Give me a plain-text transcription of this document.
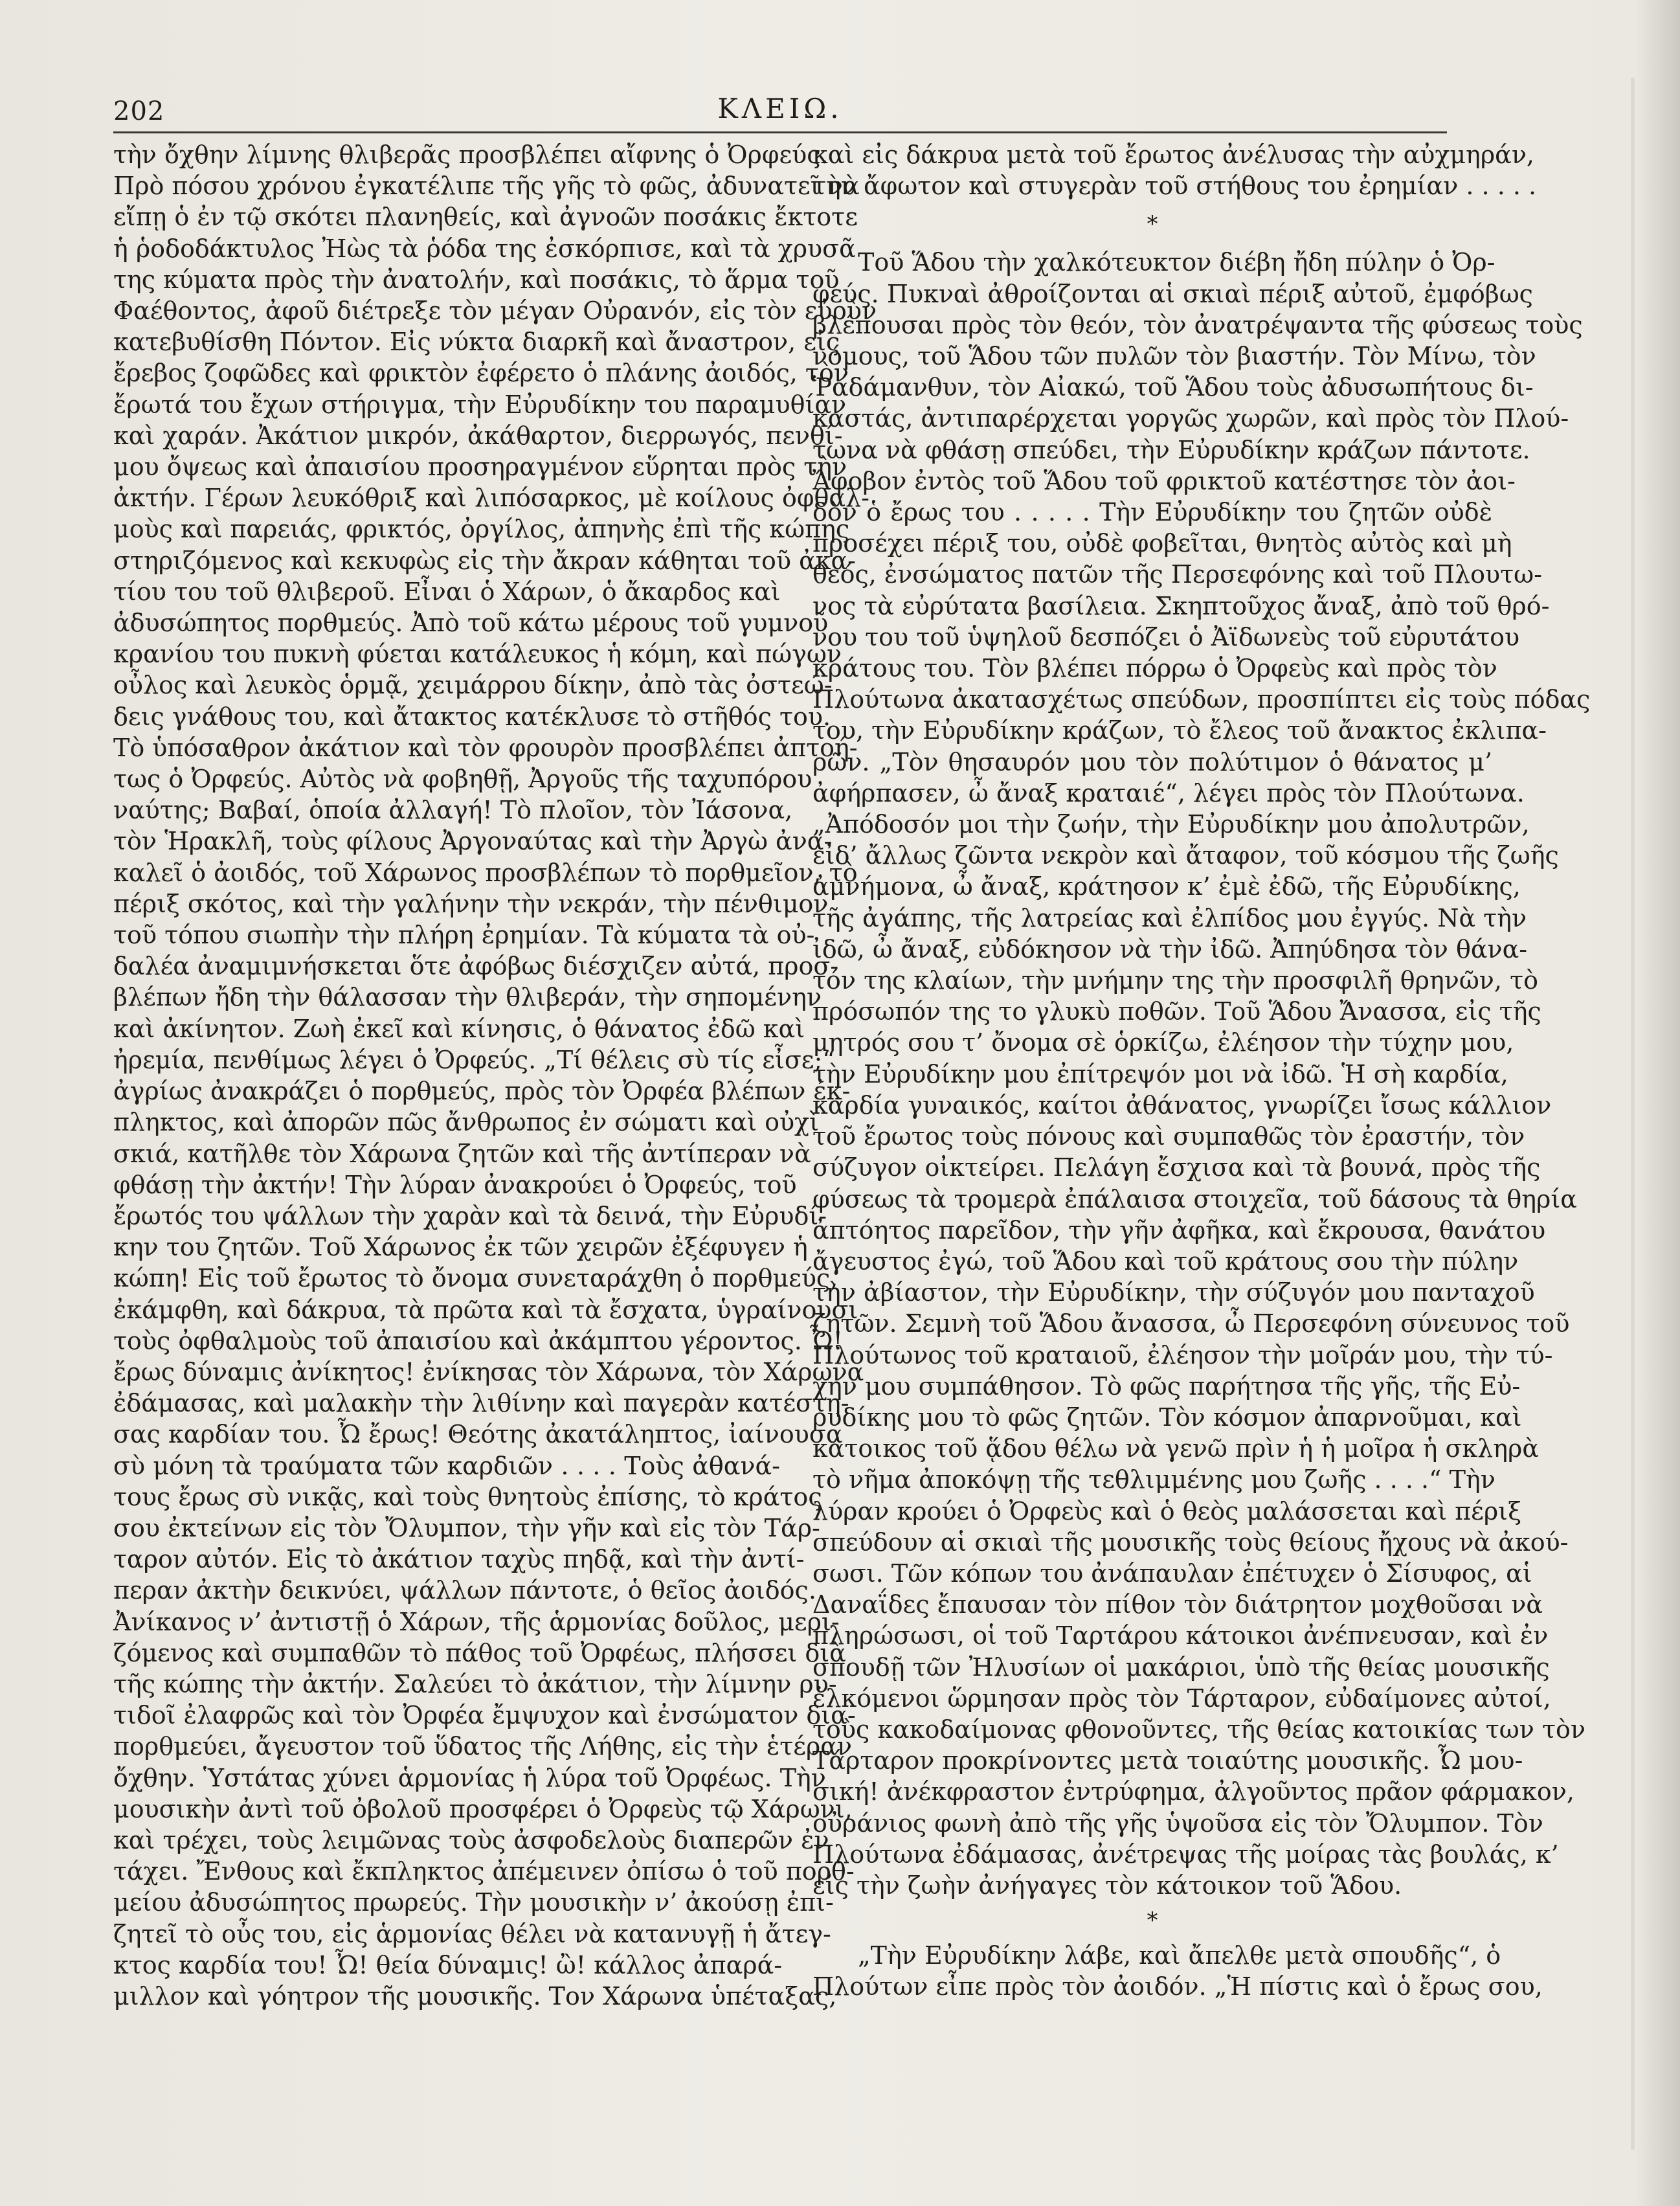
202	ΚΛΕΙΩ.
τὴν ὄχθην λίμνης θλιβερᾶς προσβλέπει αἴφνης ὁ Ὀρφεύς.
Πρὸ πόσου χρόνου ἐγκατέλιπε τῆς γῆς τὸ φῶς, ἀδυνατεῖ νὰ
εἴπῃ ὁ ἐν τῷ σκότει πλανηθείς, καὶ ἀγνοῶν ποσάκις ἔκτοτε
ἡ ῥοδοδάκτυλος Ἠὼς τὰ ῥόδα της ἐσκόρπισε, καὶ τὰ χρυσᾶ
της κύματα πρὸς τὴν ἀνατολήν, καὶ ποσάκις, τὸ ἅρμα τοῦ
Φαέθοντος, ἀφοῦ διέτρεξε τὸν μέγαν Οὐρανόν, εἰς τὸν εὐρὺν
κατεβυθίσθη Πόντον. Εἰς νύκτα διαρκῆ καὶ ἄναστρον, εἰς
ἔρεβος ζοφῶδες καὶ φρικτὸν ἐφέρετο ὁ πλάνης ἀοιδός, τὸν
ἔρωτά του ἔχων στήριγμα, τὴν Εὐρυδίκην του παραμυθίαν
καὶ χαράν. Ἀκάτιον μικρόν, ἀκάθαρτον, διερρωγός, πενθί-
μου ὄψεως καὶ ἀπαισίου προσηραγμένον εὕρηται πρὸς τὴν
ἀκτήν. Γέρων λευκόθριξ καὶ λιπόσαρκος, μὲ κοίλους ὀφθαλ-
μοὺς καὶ παρειάς, φρικτός, ὀργίλος, ἀπηνὴς ἐπὶ τῆς κώπης
στηριζόμενος καὶ κεκυφὼς εἰς τὴν ἄκραν κάθηται τοῦ ἀκα-
τίου του τοῦ θλιβεροῦ. Εἶναι ὁ Χάρων, ὁ ἄκαρδος καὶ
ἀδυσώπητος πορθμεύς. Ἀπὸ τοῦ κάτω μέρους τοῦ γυμνοῦ
κρανίου του πυκνὴ φύεται κατάλευκος ἡ κόμη, καὶ πώγων
οὖλος καὶ λευκὸς ὁρμᾷ, χειμάρρου δίκην, ἀπὸ τὰς ὀστεώ-
δεις γνάθους του, καὶ ἄτακτος κατέκλυσε τὸ στῆθός του.
Τὸ ὑπόσαθρον ἀκάτιον καὶ τὸν φρουρὸν προσβλέπει ἀπτοή-
τως ὁ Ὀρφεύς. Αὐτὸς νὰ φοβηθῇ, Ἀργοῦς τῆς ταχυπόρου
ναύτης; Βαβαί, ὁποία ἀλλαγή! Τὸ πλοῖον, τὸν Ἰάσονα,
τὸν Ἡρακλῆ, τοὺς φίλους Ἀργοναύτας καὶ τὴν Ἀργὼ ἀνα-
καλεῖ ὁ ἀοιδός, τοῦ Χάρωνος προσβλέπων τὸ πορθμεῖον, τὸ
πέριξ σκότος, καὶ τὴν γαλήνην τὴν νεκράν, τὴν πένθιμον
τοῦ τόπου σιωπὴν τὴν πλήρη ἐρημίαν. Τὰ κύματα τὰ οὐ-
δαλέα ἀναμιμνήσκεται ὅτε ἀφόβως διέσχιζεν αὐτά, προσ-
βλέπων ἤδη τὴν θάλασσαν τὴν θλιβεράν, τὴν σηπομένην
καὶ ἀκίνητον. Ζωὴ ἐκεῖ καὶ κίνησις, ὁ θάνατος ἐδῶ καὶ
ἠρεμία, πενθίμως λέγει ὁ Ὀρφεύς. „Τί θέλεις σὺ τίς εἶσε;“
ἀγρίως ἀνακράζει ὁ πορθμεύς, πρὸς τὸν Ὀρφέα βλέπων ἐκ-
πληκτος, καὶ ἀπορῶν πῶς ἄνθρωπος ἐν σώματι καὶ οὐχὶ
σκιά, κατῆλθε τὸν Χάρωνα ζητῶν καὶ τῆς ἀντίπεραν νὰ
φθάσῃ τὴν ἀκτήν! Τὴν λύραν ἀνακρούει ὁ Ὀρφεύς, τοῦ
ἔρωτός του ψάλλων τὴν χαρὰν καὶ τὰ δεινά, τὴν Εὐρυδί-
κην του ζητῶν. Τοῦ Χάρωνος ἐκ τῶν χειρῶν ἐξέφυγεν ἡ
κώπη! Εἰς τοῦ ἔρωτος τὸ ὄνομα συνεταράχθη ὁ πορθμεύς,
ἐκάμφθη, καὶ δάκρυα, τὰ πρῶτα καὶ τὰ ἔσχατα, ὑγραίνουσι
τοὺς ὀφθαλμοὺς τοῦ ἀπαισίου καὶ ἀκάμπτου γέροντος. Ὦ!
ἔρως δύναμις ἀνίκητος! ἐνίκησας τὸν Χάρωνα, τὸν Χάρωνα
ἐδάμασας, καὶ μαλακὴν τὴν λιθίνην καὶ παγερὰν κατέστη-
σας καρδίαν του. Ὦ ἔρως! Θεότης ἀκατάληπτος, ἰαίνουσα
σὺ μόνη τὰ τραύματα τῶν καρδιῶν . . . . Τοὺς ἀθανά-
τους ἔρως σὺ νικᾷς, καὶ τοὺς θνητοὺς ἐπίσης, τὸ κράτος
σου ἐκτείνων εἰς τὸν Ὄλυμπον, τὴν γῆν καὶ εἰς τὸν Τάρ-
ταρον αὐτόν. Εἰς τὸ ἀκάτιον ταχὺς πηδᾷ, καὶ τὴν ἀντί-
περαν ἀκτὴν δεικνύει, ψάλλων πάντοτε, ὁ θεῖος ἀοιδός.
Ἀνίκανος ν’ ἀντιστῇ ὁ Χάρων, τῆς ἁρμονίας δοῦλος, μερι-
ζόμενος καὶ συμπαθῶν τὸ πάθος τοῦ Ὀρφέως, πλήσσει διὰ
τῆς κώπης τὴν ἀκτήν. Σαλεύει τὸ ἀκάτιον, τὴν λίμνην ρυ-
τιδοῖ ἐλαφρῶς καὶ τὸν Ὀρφέα ἔμψυχον καὶ ἐνσώματον δια-
πορθμεύει, ἄγευστον τοῦ ὕδατος τῆς Λήθης, εἰς τὴν ἑτέραν
ὄχθην. Ὑστάτας χύνει ἁρμονίας ἡ λύρα τοῦ Ὀρφέως. Τὴν
μουσικὴν ἀντὶ τοῦ ὀβολοῦ προσφέρει ὁ Ὀρφεὺς τῷ Χάρωνι,
καὶ τρέχει, τοὺς λειμῶνας τοὺς ἀσφοδελοὺς διαπερῶν ἐν
τάχει. Ἔνθους καὶ ἔκπληκτος ἀπέμεινεν ὀπίσω ὁ τοῦ πορθ-
μείου ἀδυσώπητος πρωρεύς. Τὴν μουσικὴν ν’ ἀκούσῃ ἐπι-
ζητεῖ τὸ οὖς του, εἰς ἁρμονίας θέλει νὰ κατανυγῇ ἡ ἄτεγ-
κτος καρδία του! Ὦ! θεία δύναμις! ὢ! κάλλος ἀπαρά-
μιλλον καὶ γόητρον τῆς μουσικῆς. Τον Χάρωνα ὑπέταξας,
καὶ εἰς δάκρυα μετὰ τοῦ ἔρωτος ἀνέλυσας τὴν αὐχμηράν,
τὴν ἄφωτον καὶ στυγερὰν τοῦ στήθους του ἐρημίαν . . . . .
*
Τοῦ Ἅδου τὴν χαλκότευκτον διέβη ἤδη πύλην ὁ Ὀρ-
φεύς. Πυκναὶ ἀθροίζονται αἱ σκιαὶ πέριξ αὐτοῦ, ἐμφόβως
βλέπουσαι πρὸς τὸν θεόν, τὸν ἀνατρέψαντα τῆς φύσεως τοὺς
νόμους, τοῦ Ἅδου τῶν πυλῶν τὸν βιαστήν. Τὸν Μίνω, τὸν
Ῥαδάμανθυν, τὸν Αἰακώ, τοῦ Ἅδου τοὺς ἀδυσωπήτους δι-
καστάς, ἀντιπαρέρχεται γοργῶς χωρῶν, καὶ πρὸς τὸν Πλού-
τωνα νὰ φθάσῃ σπεύδει, τὴν Εὐρυδίκην κράζων πάντοτε.
Ἄφοβον ἐντὸς τοῦ Ἅδου τοῦ φρικτοῦ κατέστησε τὸν ἀοι-
δὸν ὁ ἔρως του . . . . . Τὴν Εὐρυδίκην του ζητῶν οὐδὲ
προσέχει πέριξ του, οὐδὲ φοβεῖται, θνητὸς αὐτὸς καὶ μὴ
θεός, ἐνσώματος πατῶν τῆς Περσεφόνης καὶ τοῦ Πλουτω-
νος τὰ εὐρύτατα βασίλεια. Σκηπτοῦχος ἄναξ, ἀπὸ τοῦ θρό-
νου του τοῦ ὑψηλοῦ δεσπόζει ὁ Ἀϊδωνεὺς τοῦ εὐρυτάτου
κράτους του. Τὸν βλέπει πόρρω ὁ Ὀρφεὺς καὶ πρὸς τὸν
Πλούτωνα ἀκατασχέτως σπεύδων, προσπίπτει εἰς τοὺς πόδας
του, τὴν Εὐρυδίκην κράζων, τὸ ἔλεος τοῦ ἄνακτος ἐκλιπα-
ρῶν. „Τὸν θησαυρόν μου τὸν πολύτιμον ὁ θάνατος μ’
ἀφήρπασεν, ὦ ἄναξ κραταιέ“, λέγει πρὸς τὸν Πλούτωνα.
„Ἀπόδοσόν μοι τὴν ζωήν, τὴν Εὐρυδίκην μου ἀπολυτρῶν,
εἰδ’ ἄλλως ζῶντα νεκρὸν καὶ ἄταφον, τοῦ κόσμου τῆς ζωῆς
ἀμνήμονα, ὦ ἄναξ, κράτησον κ’ ἐμὲ ἐδῶ, τῆς Εὐρυδίκης,
τῆς ἀγάπης, τῆς λατρείας καὶ ἐλπίδος μου ἐγγύς. Νὰ τὴν
ἰδῶ, ὦ ἄναξ, εὐδόκησον νὰ τὴν ἰδῶ. Ἀπηύδησα τὸν θάνα-
τόν της κλαίων, τὴν μνήμην της τὴν προσφιλῆ θρηνῶν, τὸ
πρόσωπόν της το γλυκὺ ποθῶν. Τοῦ Ἅδου Ἄνασσα, εἰς τῆς
μητρός σου τ’ ὄνομα σὲ ὁρκίζω, ἐλέησον τὴν τύχην μου,
τὴν Εὐρυδίκην μου ἐπίτρεψόν μοι νὰ ἰδῶ. Ἡ σὴ καρδία,
καρδία γυναικός, καίτοι ἀθάνατος, γνωρίζει ἴσως κάλλιον
τοῦ ἔρωτος τοὺς πόνους καὶ συμπαθῶς τὸν ἐραστήν, τὸν
σύζυγον οἰκτείρει. Πελάγη ἔσχισα καὶ τὰ βουνά, πρὸς τῆς
φύσεως τὰ τρομερὰ ἐπάλαισα στοιχεῖα, τοῦ δάσους τὰ θηρία
ἀπτόητος παρεῖδον, τὴν γῆν ἀφῆκα, καὶ ἔκρουσα, θανάτου
ἄγευστος ἐγώ, τοῦ Ἅδου καὶ τοῦ κράτους σου τὴν πύλην
τὴν ἀβίαστον, τὴν Εὐρυδίκην, τὴν σύζυγόν μου πανταχοῦ
ζητῶν. Σεμνὴ τοῦ Ἅδου ἄνασσα, ὦ Περσεφόνη σύνευνος τοῦ
Πλούτωνος τοῦ κραταιοῦ, ἐλέησον τὴν μοῖράν μου, τὴν τύ-
χην μου συμπάθησον. Τὸ φῶς παρήτησα τῆς γῆς, τῆς Εὐ-
ρυδίκης μου τὸ φῶς ζητῶν. Τὸν κόσμον ἀπαρνοῦμαι, καὶ
κάτοικος τοῦ ᾅδου θέλω νὰ γενῶ πρὶν ἡ ἡ μοῖρα ἡ σκληρὰ
τὸ νῆμα ἀποκόψῃ τῆς τεθλιμμένης μου ζωῆς . . . .“ Τὴν
λύραν κρούει ὁ Ὀρφεὺς καὶ ὁ θεὸς μαλάσσεται καὶ πέριξ
σπεύδουν αἱ σκιαὶ τῆς μουσικῆς τοὺς θείους ἤχους νὰ ἀκού-
σωσι. Τῶν κόπων του ἀνάπαυλαν ἐπέτυχεν ὁ Σίσυφος, αἱ
Δαναΐδες ἔπαυσαν τὸν πίθον τὸν διάτρητον μοχθοῦσαι νὰ
πληρώσωσι, οἱ τοῦ Ταρτάρου κάτοικοι ἀνέπνευσαν, καὶ ἐν
σπουδῇ τῶν Ἠλυσίων οἱ μακάριοι, ὑπὸ τῆς θείας μουσικῆς
ἑλκόμενοι ὥρμησαν πρὸς τὸν Τάρταρον, εὐδαίμονες αὐτοί,
τοὺς κακοδαίμονας φθονοῦντες, τῆς θείας κατοικίας των τὸν
Τάρταρον προκρίνοντες μετὰ τοιαύτης μουσικῆς. Ὦ μου-
σική! ἀνέκφραστον ἐντρύφημα, ἀλγοῦντος πρᾶον φάρμακον,
οὐράνιος φωνὴ ἀπὸ τῆς γῆς ὑψοῦσα εἰς τὸν Ὄλυμπον. Τὸν
Πλούτωνα ἐδάμασας, ἀνέτρεψας τῆς μοίρας τὰς βουλάς, κ’
εἰς τὴν ζωὴν ἀνήγαγες τὸν κάτοικον τοῦ Ἅδου.
*
„Τὴν Εὐρυδίκην λάβε, καὶ ἄπελθε μετὰ σπουδῆς“, ὁ
Πλούτων εἶπε πρὸς τὸν ἀοιδόν. „Ἡ πίστις καὶ ὁ ἔρως σου,
